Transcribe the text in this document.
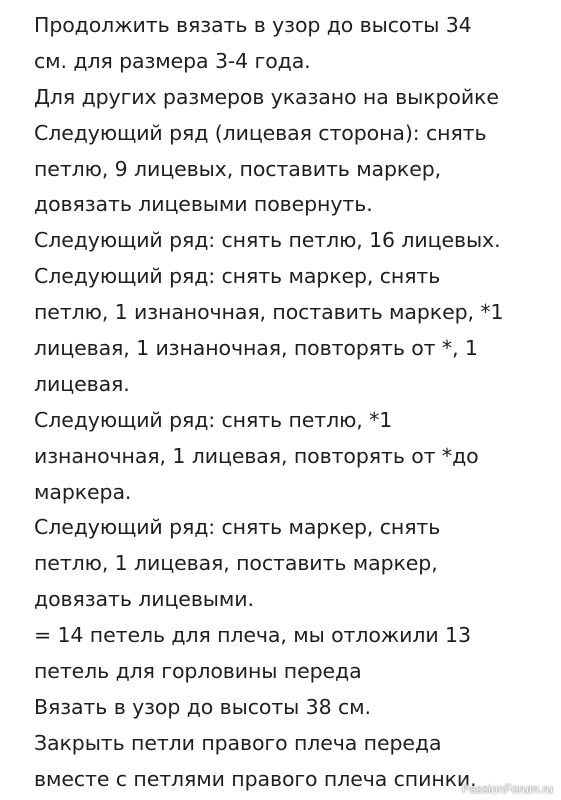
Продолжить вязать в узор до высоты 34
см. для размера 3-4 года.
Для других размеров указано на выкройке
Следующий ряд (лицевая сторона): снять
петлю, 9 лицевых, поставить маркер,
довязать лицевыми повернуть.
Следующий ряд: снять петлю, 16 лицевых.
Следующий ряд: снять маркер, снять
петлю, 1 изнаночная, поставить маркер, *1
лицевая, 1 изнаночная, повторять от *, 1
лицевая.
Следующий ряд: снять петлю, *1
изнаночная, 1 лицевая, повторять от *до
маркера.
Следующий ряд: снять маркер, снять
петлю, 1 лицевая, поставить маркер,
довязать лицевыми.
= 14 петель для плеча, мы отложили 13
петель для горловины переда
Вязать в узор до высоты 38 см.
Закрыть петли правого плеча переда
вместе с петлями правого плеча спинки.
PassionForum.ru
